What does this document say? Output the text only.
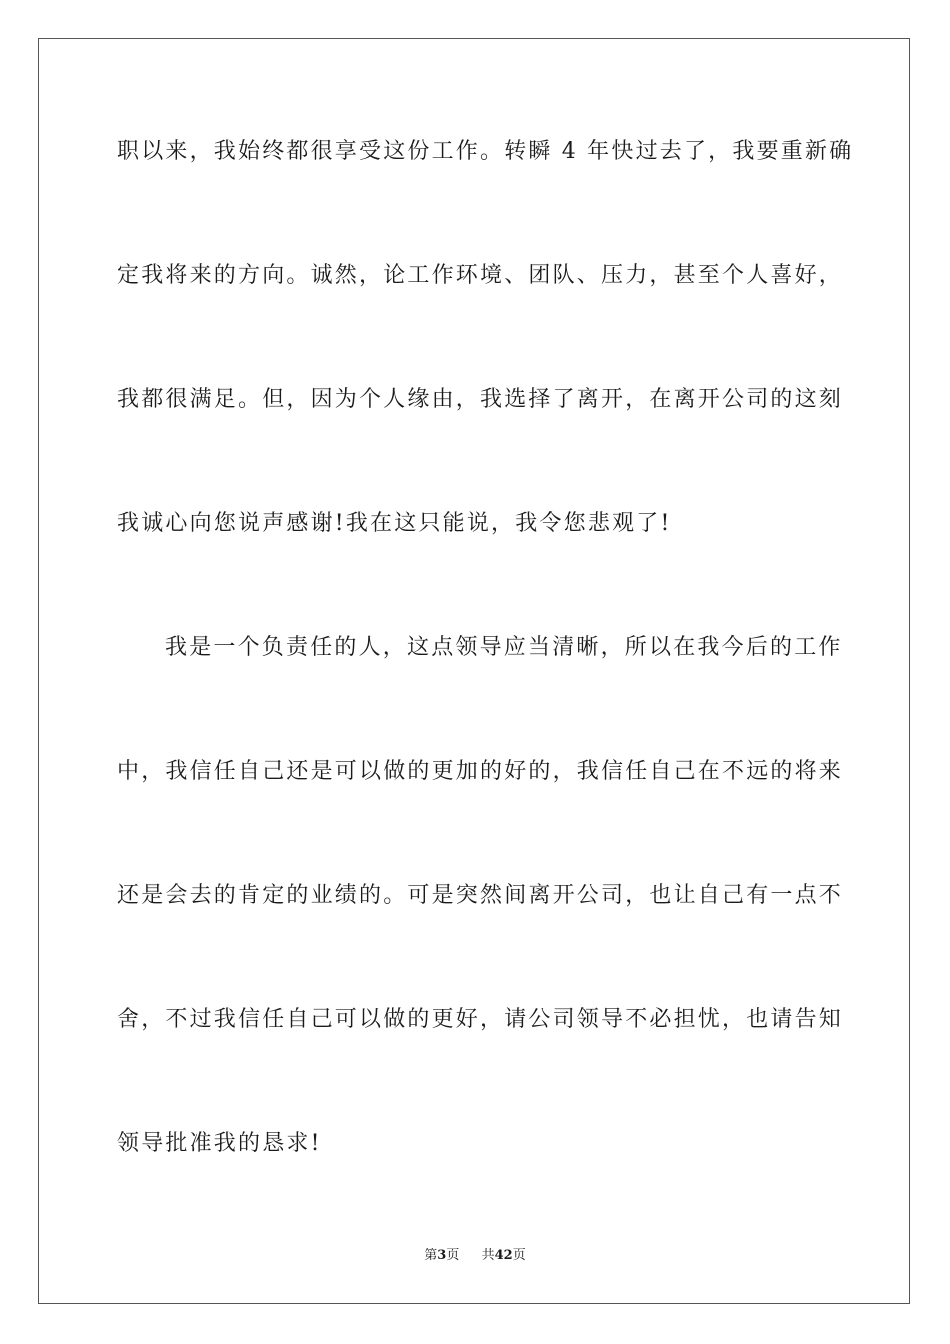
职以来，我始终都很享受这份工作。转瞬 4 年快过去了，我要重新确
定我将来的方向。诚然，论工作环境、团队、压力，甚至个人喜好，
我都很满足。但，因为个人缘由，我选择了离开，在离开公司的这刻
我诚心向您说声感谢!我在这只能说，我令您悲观了!
我是一个负责任的人，这点领导应当清晰，所以在我今后的工作
中，我信任自己还是可以做的更加的好的，我信任自己在不远的将来
还是会去的肯定的业绩的。可是突然间离开公司，也让自己有一点不
舍，不过我信任自己可以做的更好，请公司领导不必担忧，也请告知
领导批准我的恳求!
第3页 共42页
